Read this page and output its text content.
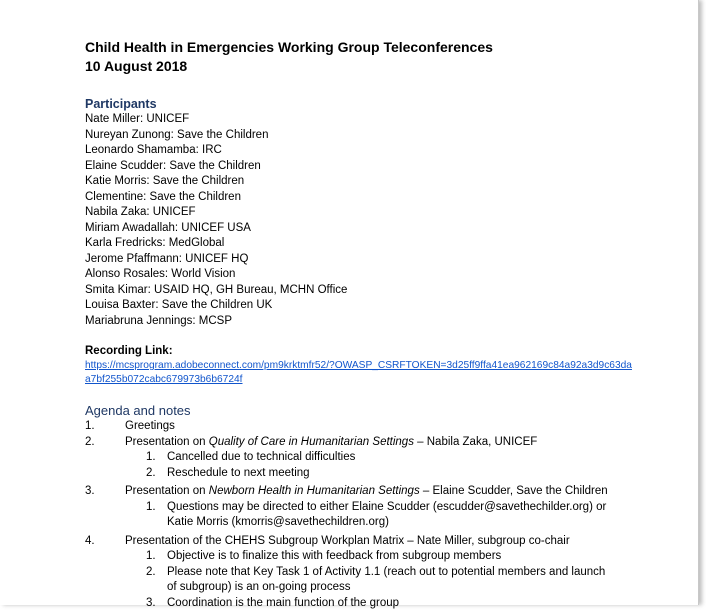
Child Health in Emergencies Working Group Teleconferences
10 August 2018
Participants
Nate Miller: UNICEF
Nureyan Zunong: Save the Children
Leonardo Shamamba: IRC
Elaine Scudder: Save the Children
Katie Morris: Save the Children
Clementine: Save the Children
Nabila Zaka: UNICEF
Miriam Awadallah: UNICEF USA
Karla Fredricks: MedGlobal
Jerome Pfaffmann: UNICEF HQ
Alonso Rosales: World Vision
Smita Kimar: USAID HQ, GH Bureau, MCHN Office
Louisa Baxter: Save the Children UK
Mariabruna Jennings: MCSP
Recording Link:
https://mcsprogram.adobeconnect.com/pm9krktmfr52/?OWASP_CSRFTOKEN=3d25ff9ffa41ea962169c84a92a3d9c63da
a7bf255b072cabc679973b6b6724f
Agenda and notes
1.	Greetings
2.	Presentation on Quality of Care in Humanitarian Settings – Nabila Zaka, UNICEF
1. Cancelled due to technical difficulties
2. Reschedule to next meeting
3.	Presentation on Newborn Health in Humanitarian Settings – Elaine Scudder, Save the Children
1. Questions may be directed to either Elaine Scudder (escudder@savethechilder.org) or
Katie Morris (kmorris@savethechildren.org)
4.	Presentation of the CHEHS Subgroup Workplan Matrix – Nate Miller, subgroup co-chair
1. Objective is to finalize this with feedback from subgroup members
2. Please note that Key Task 1 of Activity 1.1 (reach out to potential members and launch
of subgroup) is an on-going process
3. Coordination is the main function of the group
